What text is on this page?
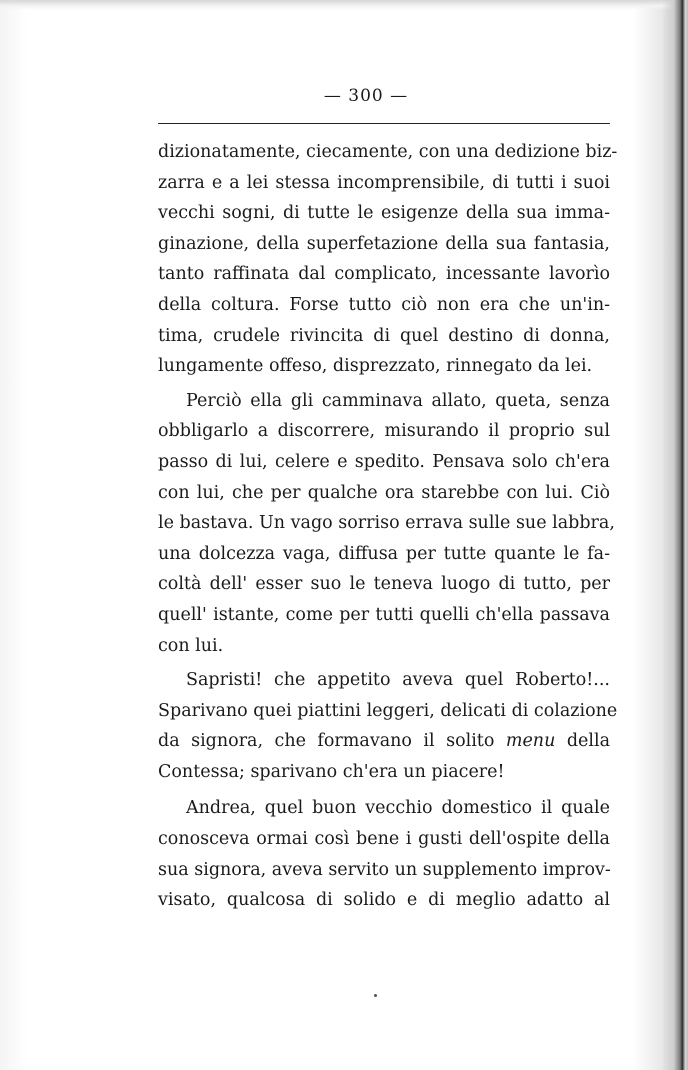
— 300 —
dizionatamente, ciecamente, con una dedizione biz-
zarra e a lei stessa incomprensibile, di tutti i suoi
vecchi sogni, di tutte le esigenze della sua imma-
ginazione, della superfetazione della sua fantasia,
tanto raffinata dal complicato, incessante lavorìo
della coltura. Forse tutto ciò non era che un'in-
tima, crudele rivincita di quel destino di donna,
lungamente offeso, disprezzato, rinnegato da lei.
Perciò ella gli camminava allato, queta, senza
obbligarlo a discorrere, misurando il proprio sul
passo di lui, celere e spedito. Pensava solo ch'era
con lui, che per qualche ora starebbe con lui. Ciò
le bastava. Un vago sorriso errava sulle sue labbra,
una dolcezza vaga, diffusa per tutte quante le fa-
coltà dell' esser suo le teneva luogo di tutto, per
quell' istante, come per tutti quelli ch'ella passava
con lui.
Sapristi! che appetito aveva quel Roberto!...
Sparivano quei piattini leggeri, delicati di colazione
da signora, che formavano il solito menu della
Contessa; sparivano ch'era un piacere!
Andrea, quel buon vecchio domestico il quale
conosceva ormai così bene i gusti dell'ospite della
sua signora, aveva servito un supplemento improv-
visato, qualcosa di solido e di meglio adatto al
